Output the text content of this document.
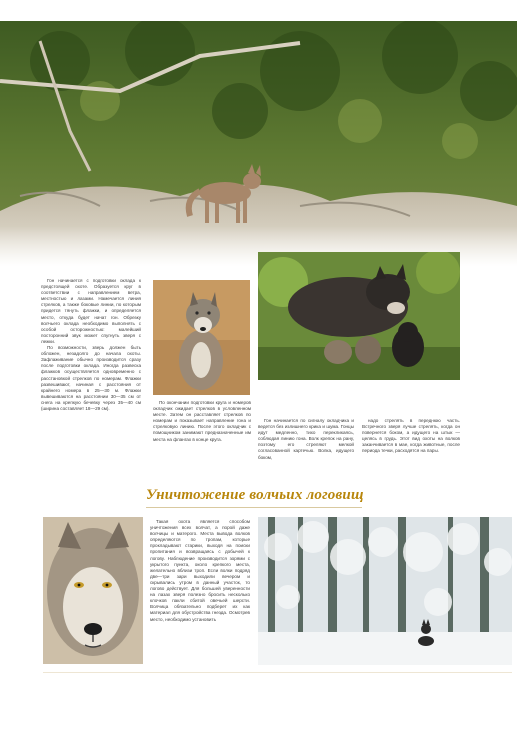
Гон начинается с подготовки оклада к предстоящей охоте. Образуется круг в соответствии с направлением ветра, местностью и лазами. Намечается линия стрелков, а также боковые линии, по которым придется тянуть флажки, и определяется место, откуда будет начат гон. Обрезку волчьего оклада необходимо выполнять с особой осторожностью: малейший посторонний звук может спугнуть зверя с лежки.

По возможности, зверь должен быть обложен, незадолго до начала охоты. Зафлаживание обычно производится сразу после подготовки оклада. Иногда развеска флажков осуществляется одновременно с расстановкой стрелков по номерам. Флажки развешивают, начиная с расстояния от крайнего номера в 25—30 м. Флажки вывешиваются на расстоянии 30—35 см от снега на крепкую бечевку через 35—40 см (ширина составляет 18—29 см).

По окончании подготовки круга и номеров окладчик ожидает стрелков в условленном месте. Затем он расставляет стрелков по номерам и показывает направление гона и стрелковую линию. После этого окладчик с помощником занимают предназначенные им места на флангах в конце круга.

Гон начинается по сигналу окладчика и ведется без излишнего крика и шума. Гонцы идут медленно, тихо перекликаясь, соблюдая линию гона. Волк крепок на рану, поэтому его стреляют мелкой согласованной картечью. Волка, идущего боком,

надо стрелять в переднюю часть. Встречного зверя лучше стрелять, когда он повернется боком, а идущего на штык — целясь в грудь. Этот вид охоты на волков заканчивается в мае, когда животные, после периода течки, расходятся на пары.

Уничтожение волчьих логовищ

Такая охота является способом уничтожения всех волчат, а порой даже волчицы и матерого. Места вывода волков определяются по тропам, которые прокладывают старики, выходя на поиски пропитания и возвращаясь с добычей к логову. Наблюдение производится зорями с укрытого пункта, около крепкого места, желательно вблизи троп. Если волки подряд две—три зари выходили вечером и скрывались утром в данный участок, то логово действует. Для большей уверенности на лазах зверя полезно бросить несколько клочков пакли сбитой овечьей шерсти. Волчица обязательно подберет их как материал для обустройства гнезда. Осмотрев место, необходимо установить
